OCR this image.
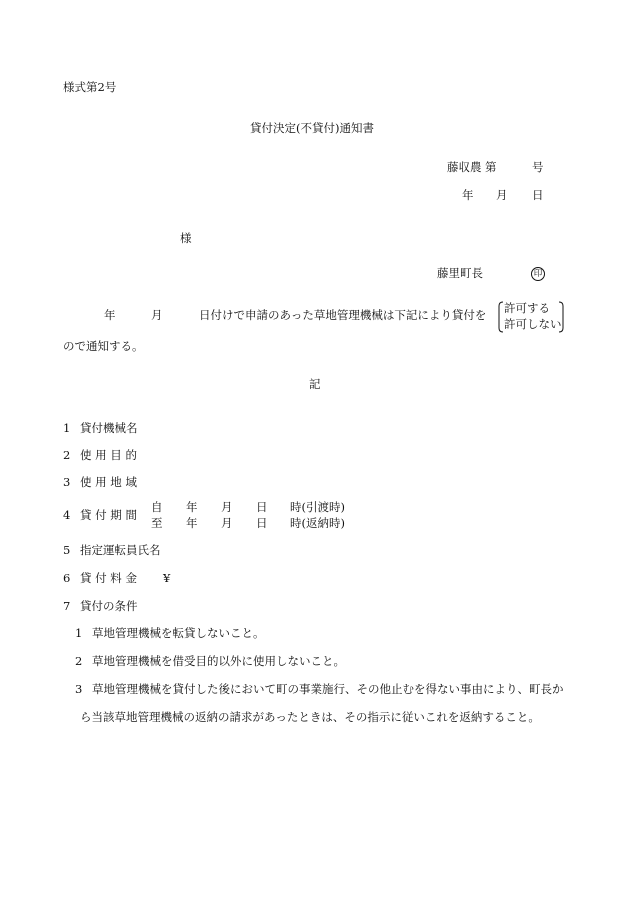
様式第2号
貸付決定(不貸付)通知書
藤収農 第	号
年 月 日
様
藤里町長	印
年	月	日付けで申請のあった草地管理機械は下記により貸付を 許可する
許可しない
ので通知する。
記
1 貸付機械名
2 使 用 目 的
3 使 用 地 域
4 貸 付 期 間
自 年 月 日 時(引渡時)
至 年 月 日 時(返納時)
5 指定運転員氏名
6 貸 付 料 金 ¥
7 貸付の条件
1 草地管理機械を転貸しないこと。
2 草地管理機械を借受目的以外に使用しないこと。
3 草地管理機械を貸付した後において町の事業施行、その他止むを得ない事由により、町長か
ら当該草地管理機械の返納の請求があったときは、その指示に従いこれを返納すること。
